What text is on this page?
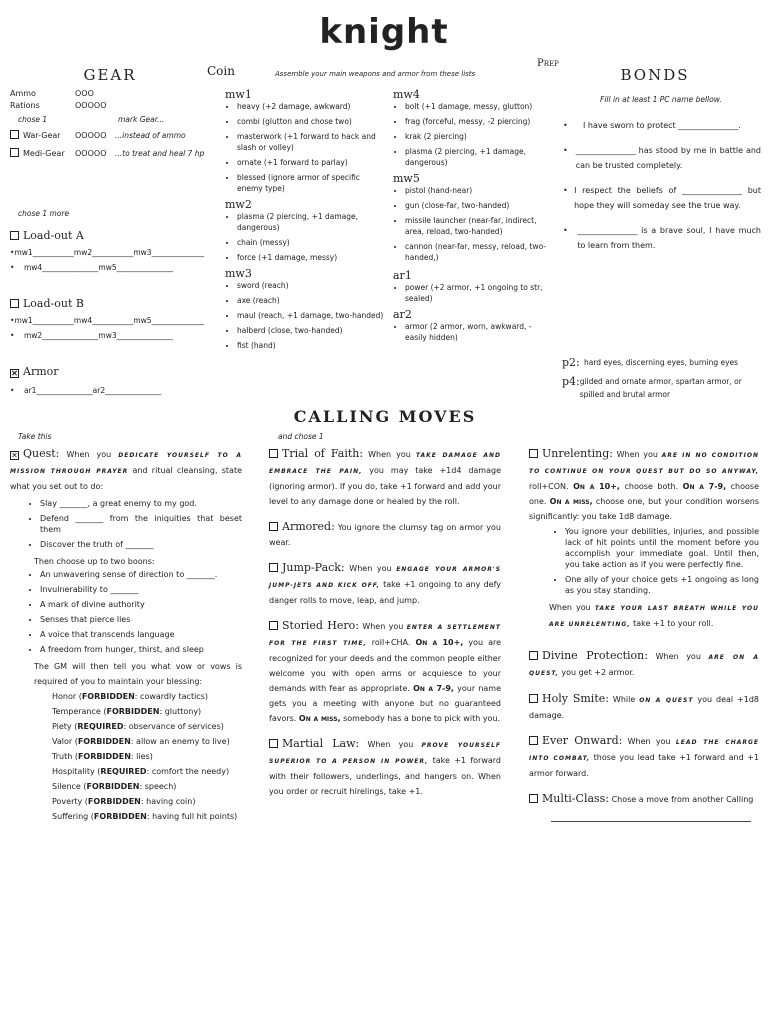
knight
GEAR	Coin	Assemble your main weapons and armor from these lists
Ammo	OOO
Rations	OOOOO
chose 1	mark Gear...
War-Gear OOOOO ...instead of ammo
Medi-Gear OOOOO ...to treat and heal 7 hp
chose 1 more
Load-out A
•mw1___________mw2___________mw3______________
•    mw4_______________mw5_______________
Load-out B
•mw1___________mw4___________mw5______________
•    mw2_______________mw3_______________
✕ Armor
•    ar1_______________ar2_______________
mw1
• heavy (+2 damage, awkward)
• combi (glutton and chose two)
• masterwork (+1 forward to hack and slash or volley)
• ornate (+1 forward to parlay)
• blessed (ignore armor of specific enemy type)
mw2
• plasma (2 piercing, +1 damage, dangerous)
• chain (messy)
• force (+1 damage, messy)
mw3
• sword (reach)
• axe (reach)
• maul (reach, +1 damage, two-handed)
• halberd (close, two-handed)
• fist (hand)
mw4
• bolt (+1 damage, messy, glutton)
• frag (forceful, messy, -2 piercing)
• krak (2 piercing)
• plasma (2 piercing, +1 damage, dangerous)
mw5
• pistol (hand-near)
• gun (close-far, two-handed)
• missile launcher (near-far, indirect, area, reload, two-handed)
• cannon (near-far, messy, reload, two-handed,)
ar1
• power (+2 armor, +1 ongoing to str, sealed)
ar2
• armor (2 armor, worn, awkward, -easily hidden)
Prep
BONDS
Fill in at least 1 PC name bellow.
•	I have sworn to protect _______________.
•	_______________ has stood by me in battle and can be trusted completely.
• I respect the beliefs of _______________ but hope they will someday see the true way.
•	_______________ is a brave soul, I have much to learn from them.
p2: hard eyes, discerning eyes, burning eyes
p4: gilded and ornate armor, spartan armor, or spilled and brutal armor
CALLING MOVES
Take this	and chose 1
✕ Quest: When you DEDICATE YOURSELF TO A MISSION THROUGH PRAYER and ritual cleansing, state what you set out to do:
• Slay _______, a great enemy to my god.
• Defend _______ from the iniquities that beset them
• Discover the truth of _______
Then choose up to two boons:
• An unwavering sense of direction to _______.
• Invulnerability to _______
• A mark of divine authority
• Senses that pierce lies
• A voice that transcends language
• A freedom from hunger, thirst, and sleep
The GM will then tell you what vow or vows is required of you to maintain your blessing:
Honor (FORBIDDEN: cowardly tactics)
Temperance (FORBIDDEN: gluttony)
Piety (REQUIRED: observance of services)
Valor (FORBIDDEN: allow an enemy to live)
Truth (FORBIDDEN: lies)
Hospitality (REQUIRED: comfort the needy)
Silence (FORBIDDEN: speech)
Poverty (FORBIDDEN: having coin)
Suffering (FORBIDDEN: having full hit points)
Trial of Faith: When you TAKE DAMAGE AND EMBRACE THE PAIN, you may take +1d4 damage (ignoring armor). If you do, take +1 forward and add your level to any damage done or healed by the roll.
Armored: You ignore the clumsy tag on armor you wear.
Jump-Pack: When you ENGAGE YOUR ARMOR'S JUMP-JETS AND KICK OFF, take +1 ongoing to any defy danger rolls to move, leap, and jump.
Storied Hero: When you ENTER A SETTLEMENT FOR THE FIRST TIME, roll+CHA. On a 10+, you are recognized for your deeds and the common people either welcome you with open arms or acquiesce to your demands with fear as appropriate. On a 7-9, your name gets you a meeting with anyone but no guaranteed favors. On a miss, somebody has a bone to pick with you.
Martial Law: When you PROVE YOURSELF SUPERIOR TO A PERSON IN POWER, take +1 forward with their followers, underlings, and hangers on. When you order or recruit hirelings, take +1.
Unrelenting: When you ARE IN NO CONDITION TO CONTINUE ON YOUR QUEST BUT DO SO ANYWAY, roll+CON. On a 10+, choose both. On a 7-9, choose one. On a miss, choose one, but your condition worsens significantly: you take 1d8 damage.
• You ignore your debilities, injuries, and possible lack of hit points until the moment before you accomplish your immediate goal. Until then, you take action as if you were perfectly fine.
• One ally of your choice gets +1 ongoing as long as you stay standing.
When you TAKE YOUR LAST BREATH WHILE YOU ARE UNRELENTING, take +1 to your roll.
Divine Protection: When you ARE ON A QUEST, you get +2 armor.
Holy Smite: While ON A QUEST you deal +1d8 damage.
Ever Onward: When you LEAD THE CHARGE INTO COMBAT, those you lead take +1 forward and +1 armor forward.
Multi-Class: Chose a move from another Calling
